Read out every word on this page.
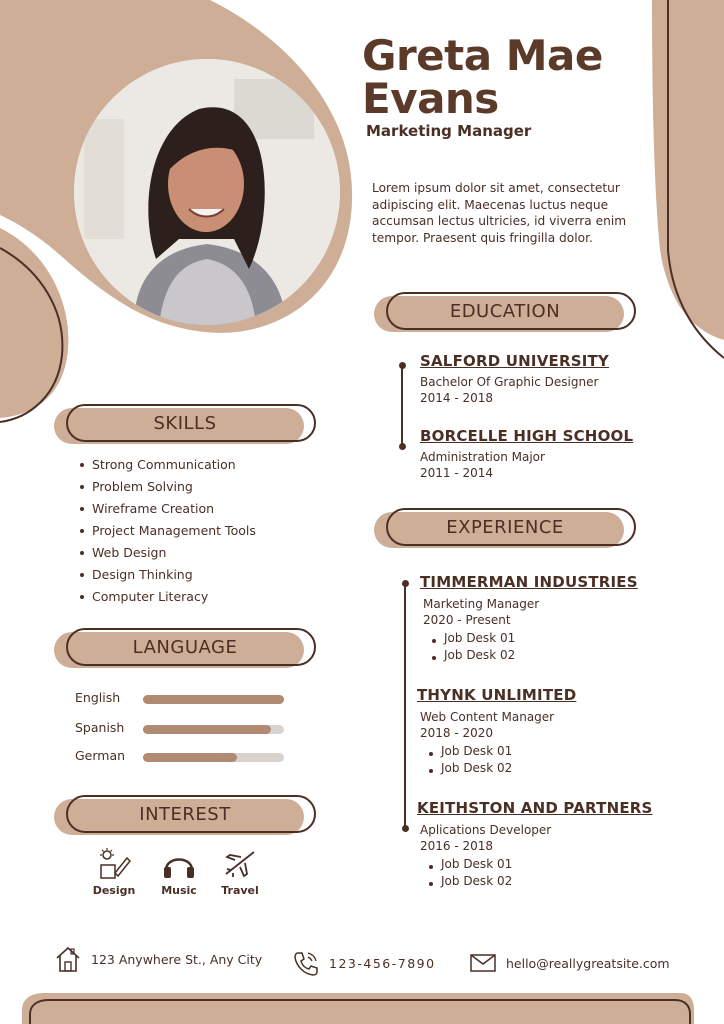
Greta Mae
Evans
Marketing Manager
Lorem ipsum dolor sit amet, consectetur adipiscing elit. Maecenas luctus neque accumsan lectus ultricies, id viverra enim tempor. Praesent quis fringilla dolor.
SKILLS
Strong Communication
Problem Solving
Wireframe Creation
Project Management Tools
Web Design
Design Thinking
Computer Literacy
LANGUAGE
English
Spanish
German
INTEREST
Design	Music	Travel
EDUCATION
SALFORD UNIVERSITY
Bachelor Of Graphic Designer
2014 - 2018
BORCELLE HIGH SCHOOL
Administration Major
2011 - 2014
EXPERIENCE
TIMMERMAN INDUSTRIES
Marketing Manager
2020 - Present
Job Desk 01
Job Desk 02
THYNK UNLIMITED
Web Content Manager
2018 - 2020
Job Desk 01
Job Desk 02
KEITHSTON AND PARTNERS
Aplications Developer
2016 - 2018
Job Desk 01
Job Desk 02
123 Anywhere St., Any City	123-456-7890	hello@reallygreatsite.com
